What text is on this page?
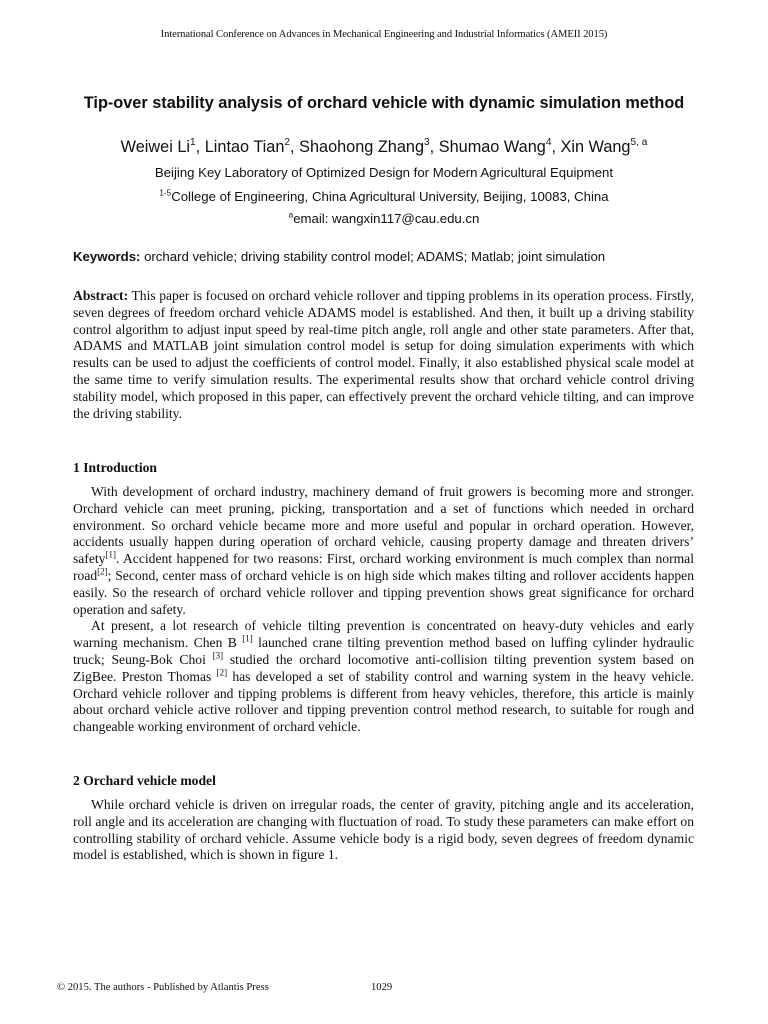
International Conference on Advances in Mechanical Engineering and Industrial Informatics (AMEII 2015)
Tip-over stability analysis of orchard vehicle with dynamic simulation method
Weiwei Li$^1$, Lintao Tian$^2$, Shaohong Zhang$^3$, Shumao Wang$^4$, Xin Wang$^{5, a}$
Beijing Key Laboratory of Optimized Design for Modern Agricultural Equipment
$^{1-5}$College of Engineering, China Agricultural University, Beijing, 10083, China
$^a$email: wangxin117@cau.edu.cn
Keywords: orchard vehicle; driving stability control model; ADAMS; Matlab; joint simulation

Abstract: This paper is focused on orchard vehicle rollover and tipping problems in its operation process. Firstly, seven degrees of freedom orchard vehicle ADAMS model is established. And then, it built up a driving stability control algorithm to adjust input speed by real-time pitch angle, roll angle and other state parameters. After that, ADAMS and MATLAB joint simulation control model is setup for doing simulation experiments with which results can be used to adjust the coefficients of control model. Finally, it also established physical scale model at the same time to verify simulation results. The experimental results show that orchard vehicle control driving stability model, which proposed in this paper, can effectively prevent the orchard vehicle tilting, and can improve the driving stability.

1 Introduction

With development of orchard industry, machinery demand of fruit growers is becoming more and stronger. Orchard vehicle can meet pruning, picking, transportation and a set of functions which needed in orchard environment. So orchard vehicle became more and more useful and popular in orchard operation. However, accidents usually happen during operation of orchard vehicle, causing property damage and threaten drivers’ safety[1]. Accident happened for two reasons: First, orchard working environment is much complex than normal road[2]; Second, center mass of orchard vehicle is on high side which makes tilting and rollover accidents happen easily. So the research of orchard vehicle rollover and tipping prevention shows great significance for orchard operation and safety.

At present, a lot research of vehicle tilting prevention is concentrated on heavy-duty vehicles and early warning mechanism. Chen B [1] launched crane tilting prevention method based on luffing cylinder hydraulic truck; Seung-Bok Choi [3] studied the orchard locomotive anti-collision tilting prevention system based on ZigBee. Preston Thomas [2] has developed a set of stability control and warning system in the heavy vehicle. Orchard vehicle rollover and tipping problems is different from heavy vehicles, therefore, this article is mainly about orchard vehicle active rollover and tipping prevention control method research, to suitable for rough and changeable working environment of orchard vehicle.

2 Orchard vehicle model

While orchard vehicle is driven on irregular roads, the center of gravity, pitching angle and its acceleration, roll angle and its acceleration are changing with fluctuation of road. To study these parameters can make effort on controlling stability of orchard vehicle. Assume vehicle body is a rigid body, seven degrees of freedom dynamic model is established, which is shown in figure 1.

© 2015. The authors - Published by Atlantis Press	1029
